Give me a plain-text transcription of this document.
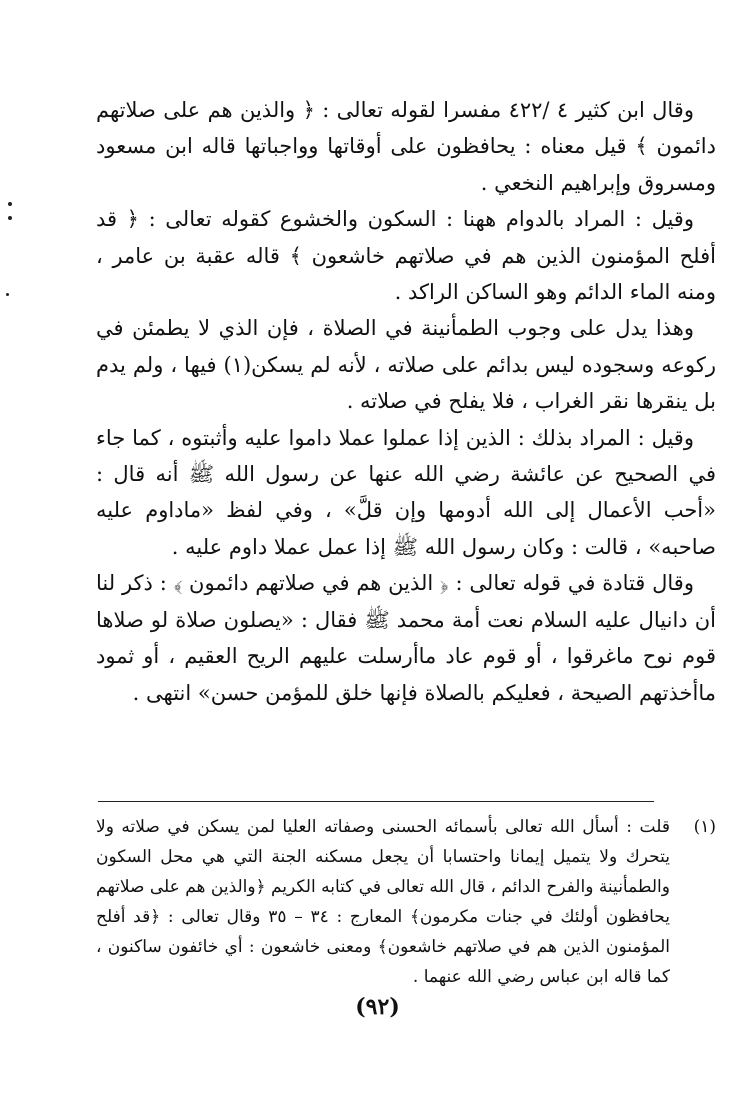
وقال ابن كثير ٤ /٤٢٢ مفسرا لقوله تعالى : ﴿ والذين هم على صلاتهم دائمون ﴾ قيل معناه : يحافظون على أوقاتها وواجباتها قاله ابن مسعود ومسروق وإبراهيم النخعي .

وقيل : المراد بالدوام ههنا : السكون والخشوع كقوله تعالى : ﴿ قد أفلح المؤمنون الذين هم في صلاتهم خاشعون ﴾ قاله عقبة بن عامر ، ومنه الماء الدائم وهو الساكن الراكد .

وهذا يدل على وجوب الطمأنينة في الصلاة ، فإن الذي لا يطمئن في ركوعه وسجوده ليس بدائم على صلاته ، لأنه لم يسكن(١) فيها ، ولم يدم بل ينقرها نقر الغراب ، فلا يفلح في صلاته .

وقيل : المراد بذلك : الذين إذا عملوا عملا داموا عليه وأثبتوه ، كما جاء في الصحيح عن عائشة رضي الله عنها عن رسول الله ﷺ أنه قال : «أحب الأعمال إلى الله أدومها وإن قلَّ» ، وفي لفظ «مادا‌وم عليه صاحبه» ، قالت : وكان رسول الله ﷺ إذا عمل عملا داوم عليه .

وقال قتادة في قوله تعالى : ﴿ الذين هم في صلاتهم دائمون ﴾ : ذكر لنا أن دانيال عليه السلام نعت أمة محمد ﷺ فقال : «يصلون صلاة لو صلاها قوم نوح ماغرقوا ، أو قوم عاد ماأرسلت عليهم الريح العقيم ، أو ثمود ماأخذتهم الصيحة ، فعليكم بالصلاة فإنها خلق للمؤمن حسن» انتهى .

(١)
قلت : أسأل الله تعالى بأسمائه الحسنى وصفاته العليا لمن يسكن في صلاته ولا يتحرك ولا يتميل إيمانا واحتسابا أن يجعل مسكنه الجنة التي هي محل السكون والطمأنينة والفرح الدائم ، قال الله تعالى في كتابه الكريم ﴿والذين هم على صلاتهم يحافظون أولئك في جنات مكرمون﴾ المعارج : ٣٤ – ٣٥ وقال تعالى : ﴿قد أفلح المؤمنون الذين هم في صلاتهم خاشعون﴾ ومعنى خاشعون : أي خائفون ساكنون ، كما قاله ابن عباس رضي الله عنهما .
(٩٢)
